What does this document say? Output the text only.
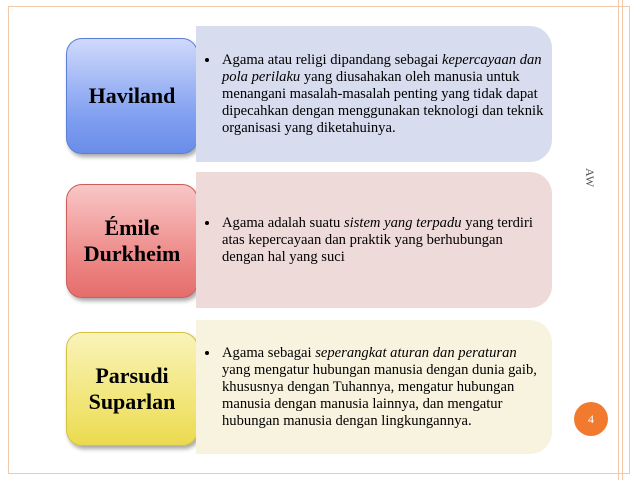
Haviland
• Agama atau religi dipandang sebagai kepercayaan dan pola perilaku yang diusahakan oleh manusia untuk menangani masalah-masalah penting yang tidak dapat dipecahkan dengan menggunakan teknologi dan teknik organisasi yang diketahuinya.
Émile Durkheim
• Agama adalah suatu sistem yang terpadu yang terdiri atas kepercayaan dan praktik yang berhubungan dengan hal yang suci
Parsudi Suparlan
• Agama sebagai seperangkat aturan dan peraturan yang mengatur hubungan manusia dengan dunia gaib, khususnya dengan Tuhannya, mengatur hubungan manusia dengan manusia lainnya, dan mengatur hubungan manusia dengan lingkungannya.
AW
4
